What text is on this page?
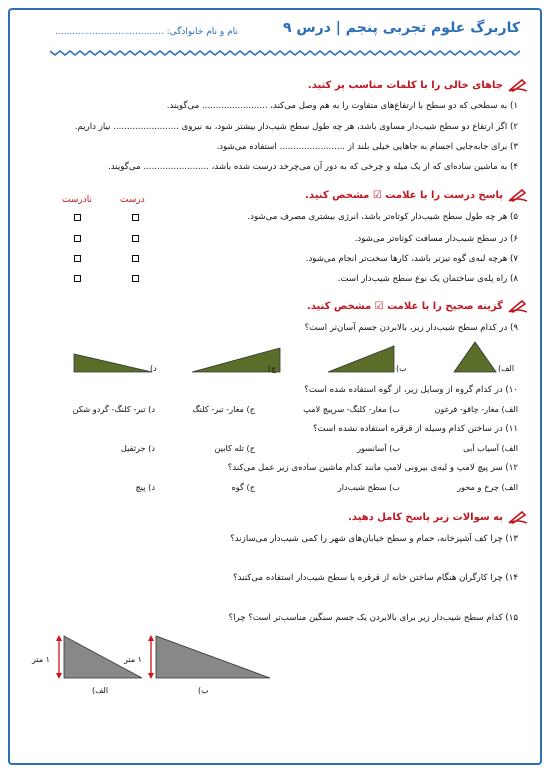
کاربرگ علوم تجربی پنجم | درس ۹
نام و نام خانوادگی: ......................................
جاهای خالی را با کلمات مناسب پر کنید.
۱) به سطحی که دو سطح با ارتفاع‌های متفاوت را به هم وصل می‌کند، ........................ می‌گویند.
۲) اگر ارتفاع دو سطح شیب‌دار مساوی باشد، هر چه طول سطح شیب‌دار بیشتر شود، به نیروی ........................ نیاز داریم.
۳) برای جابه‌جایی اجسام به جاهایی خیلی بلند از ........................ استفاده می‌شود.
۴) به ماشین ساده‌ای که از یک میله و چرخی که به دور آن می‌چرخد درست شده باشد، ........................ می‌گویند.
پاسخ درست را با علامت ☑ مشخص کنید.
درست
نادرست
۵) هر چه طول سطح شیب‌دار کوتاه‌تر باشد، انرژی بیشتری مصرف می‌شود.
۶) در سطح شیب‌دار مسافت کوتاه‌تر می‌شود.
۷) هرچه لبه‌ی گوه تیزتر باشد، کارها سخت‌تر انجام می‌شود.
۸) راه پله‌ی ساختمان یک نوع سطح شیب‌دار است.
گزینه صحیح را با علامت ☑ مشخص کنید.
۹) در کدام سطح شیب‌دار زیر، بالابردن جسم آسان‌تر است؟
الف)
ب)
ج)
د)
۱۰) در کدام گروه از وسایل زیر، از گوه استفاده شده است؟
الف) مغار- چاقو- فرغون
ب) مغار- کلنگ- سرپیچ لامپ
ج) مغار- تبر- کلنگ
د) تبر- کلنگ- گردو شکن
۱۱) در ساختن کدام وسیله از قرقره استفاده نشده است؟
الف) آسیاب آبی
ب) آسانسور
ج) تله کابین
د) جرثقیل
۱۲) سر پیچ لامپ و لبه‌ی بیرونی لامپ مانند کدام ماشین ساده‌ی زیر عمل می‌کند؟
الف) چرخ و محور
ب) سطح شیب‌دار
ج) گوه
د) پیچ
به سوالات زیر پاسخ کامل دهید.
۱۳) چرا کف آشپزخانه، حمام و سطح خیابان‌های شهر را کمی شیب‌دار می‌سازند؟
۱۴) چرا کارگران هنگام ساختن خانه از قرقره یا سطح شیب‌دار استفاده می‌کنند؟
۱۵) کدام سطح شیب‌دار زیر برای بالابردن یک جسم سنگین مناسب‌تر است؟ چرا؟
۱ متر
الف)
۱ متر
ب)
